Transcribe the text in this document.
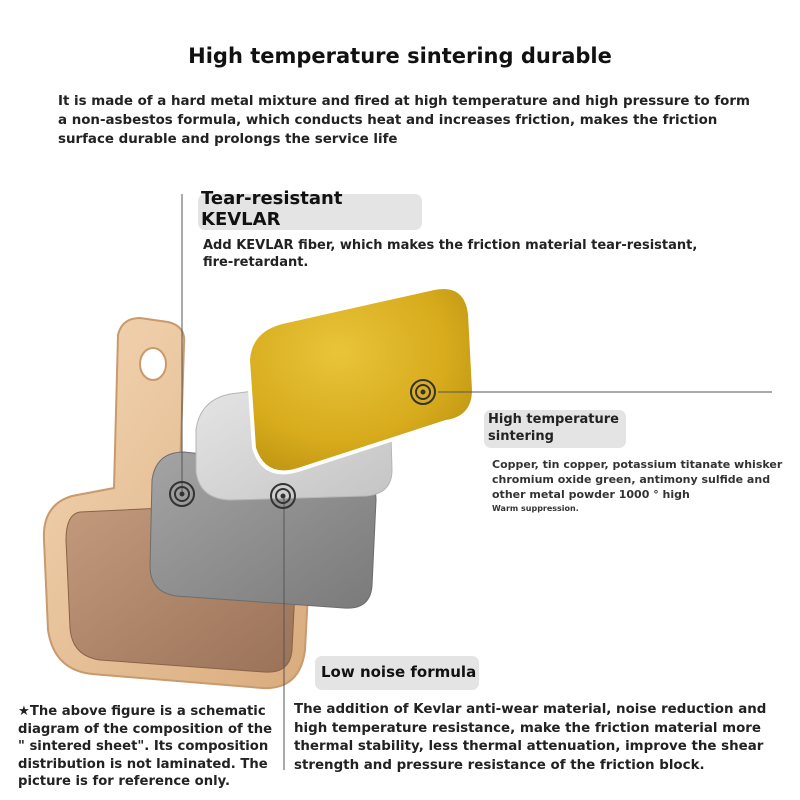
High temperature sintering durable
It is made of a hard metal mixture and fired at high temperature and high pressure to form a non-asbestos formula, which conducts heat and increases friction, makes the friction surface durable and prolongs the service life
Tear-resistant
KEVLAR
Add KEVLAR fiber, which makes the friction material tear-resistant, fire-retardant.
High temperature sintering
Copper, tin copper, potassium titanate whisker chromium oxide green, antimony sulfide and other metal powder 1000 ° high
Warm suppression.
Low noise formula
The addition of Kevlar anti-wear material, noise reduction and high temperature resistance, make the friction material more thermal stability, less thermal attenuation, improve the shear strength and pressure resistance of the friction block.
★The above figure is a schematic diagram of the composition of the " sintered sheet". Its composition distribution is not laminated. The picture is for reference only.
